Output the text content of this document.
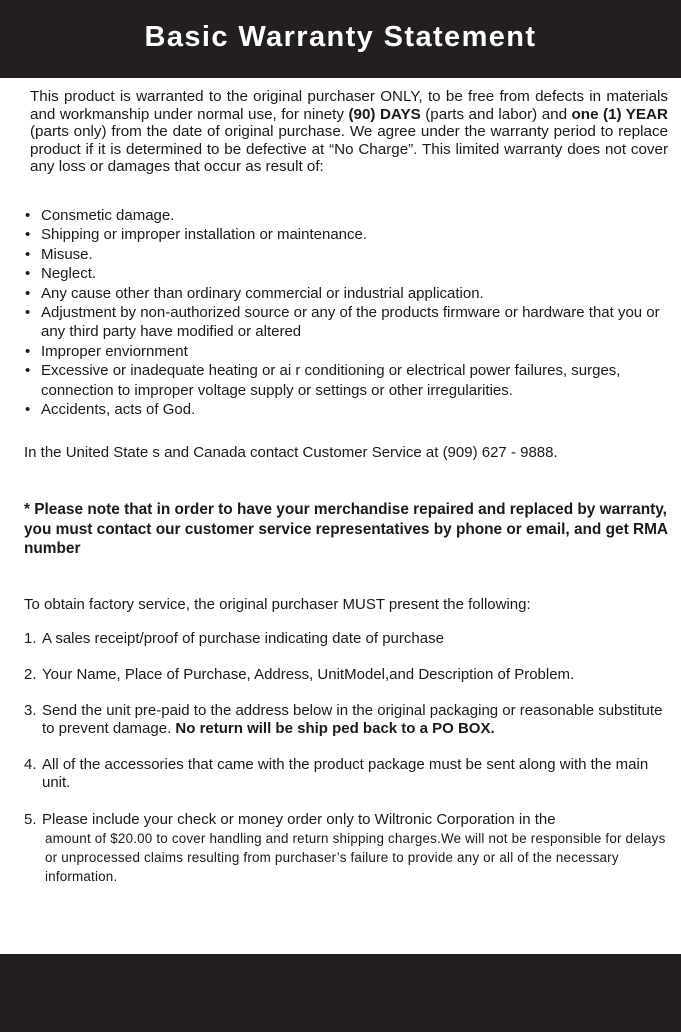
Basic Warranty Statement

This product is warranted to the original purchaser ONLY, to be free from defects in materials and workmanship under normal use, for ninety (90) DAYS (parts and labor) and one (1) YEAR (parts only) from the date of original purchase. We agree under the warranty period to replace product if it is determined to be defective at “No Charge”. This limited warranty does not cover any loss or damages that occur as result of:

• Consmetic damage.
• Shipping or improper installation or maintenance.
• Misuse.
• Neglect.
• Any cause other than ordinary commercial or industrial application.
• Adjustment by non-authorized source or any of the products firmware or hardware that you or any third party have modified or altered
• Improper enviornment
• Excessive or inadequate heating or ai r conditioning or electrical power failures, surges, connection to improper voltage supply or settings or other irregularities.
• Accidents, acts of God.

In the United State s and Canada contact Customer Service at (909) 627 - 9888.

* Please note that in order to have your merchandise repaired and replaced by warranty, you must contact our customer service representatives by phone or email, and get RMA number

To obtain factory service, the original purchaser MUST present the following:

1. A sales receipt/proof of purchase indicating date of purchase
2. Your Name, Place of Purchase, Address, UnitModel,and Description of Problem.
3. Send the unit pre-paid to the address below in the original packaging or reasonable substitute to prevent damage. No return will be ship ped back to a PO BOX.
4. All of the accessories that came with the product package must be sent along with the main unit.
5. Please include your check or money order only to Wiltronic Corporation in the
amount of $20.00 to cover handling and return shipping charges.We will not be responsible for delays or unprocessed claims resulting from purchaser’s failure to provide any or all of the necessary information.
